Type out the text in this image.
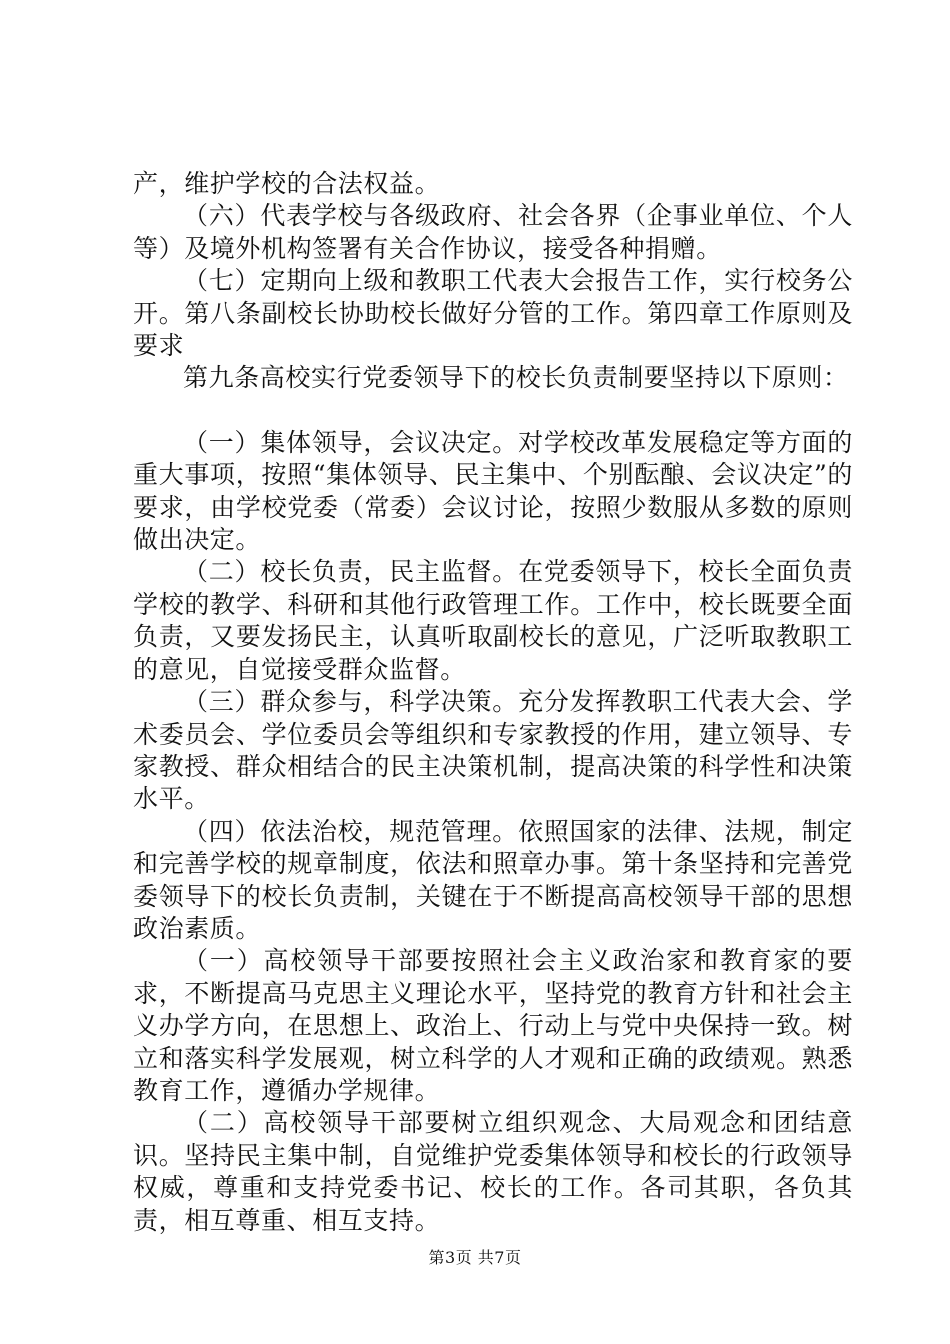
产，维护学校的合法权益。

（六）代表学校与各级政府、社会各界（企事业单位、个人等）及境外机构签署有关合作协议，接受各种捐赠。

（七）定期向上级和教职工代表大会报告工作，实行校务公开。第八条副校长协助校长做好分管的工作。第四章工作原则及要求

第九条高校实行党委领导下的校长负责制要坚持以下原则：

（一）集体领导，会议决定。对学校改革发展稳定等方面的重大事项，按照“集体领导、民主集中、个别酝酿、会议决定”的要求，由学校党委（常委）会议讨论，按照少数服从多数的原则做出决定。

（二）校长负责，民主监督。在党委领导下，校长全面负责学校的教学、科研和其他行政管理工作。工作中，校长既要全面负责，又要发扬民主，认真听取副校长的意见，广泛听取教职工的意见，自觉接受群众监督。

（三）群众参与，科学决策。充分发挥教职工代表大会、学术委员会、学位委员会等组织和专家教授的作用，建立领导、专家教授、群众相结合的民主决策机制，提高决策的科学性和决策水平。

（四）依法治校，规范管理。依照国家的法律、法规，制定和完善学校的规章制度，依法和照章办事。第十条坚持和完善党委领导下的校长负责制，关键在于不断提高高校领导干部的思想政治素质。

（一）高校领导干部要按照社会主义政治家和教育家的要求，不断提高马克思主义理论水平，坚持党的教育方针和社会主义办学方向，在思想上、政治上、行动上与党中央保持一致。树立和落实科学发展观，树立科学的人才观和正确的政绩观。熟悉教育工作，遵循办学规律。

（二）高校领导干部要树立组织观念、大局观念和团结意识。坚持民主集中制，自觉维护党委集体领导和校长的行政领导权威，尊重和支持党委书记、校长的工作。各司其职，各负其责，相互尊重、相互支持。

第3页 共7页
